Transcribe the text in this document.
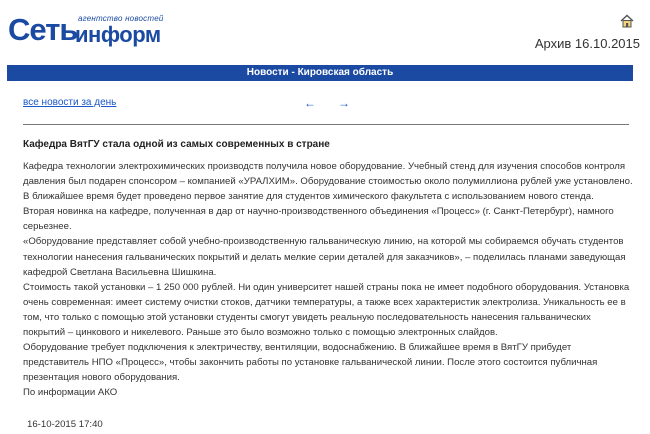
Сеть агентство новостей
информ	Архив 16.10.2015
Новости - Кировская область
все новости за день	← →
Кафедра ВятГУ стала одной из самых современных в стране

Кафедра технологии электрохимических производств получила новое оборудование. Учебный стенд для изучения способов контроля

давления был подарен спонсором – компанией «УРАЛХИМ». Оборудование стоимостью около полумиллиона рублей уже установлено.

В ближайшее время будет проведено первое занятие для студентов химического факультета с использованием нового стенда.

Вторая новинка на кафедре, полученная в дар от научно-производственного объединения «Процесс» (г. Санкт-Петербург), намного

серьезнее.

«Оборудование представляет собой учебно-производственную гальваническую линию, на которой мы собираемся обучать студентов

технологии нанесения гальванических покрытий и делать мелкие серии деталей для заказчиков», – поделилась планами заведующая

кафедрой Светлана Васильевна Шишкина.

Стоимость такой установки – 1 250 000 рублей. Ни один университет нашей страны пока не имеет подобного оборудования. Установка

очень современная: имеет систему очистки стоков, датчики температуры, а также всех характеристик электролиза. Уникальность ее в

том, что только с помощью этой установки студенты смогут увидеть реальную последовательность нанесения гальванических

покрытий – цинкового и никелевого. Раньше это было возможно только с помощью электронных слайдов.

Оборудование требует подключения к электричеству, вентиляции, водоснабжению. В ближайшее время в ВятГУ прибудет

представитель НПО «Процесс», чтобы закончить работы по установке гальванической линии. После этого состоится публичная

презентация нового оборудования.

По информации АКО

16-10-2015 17:40
